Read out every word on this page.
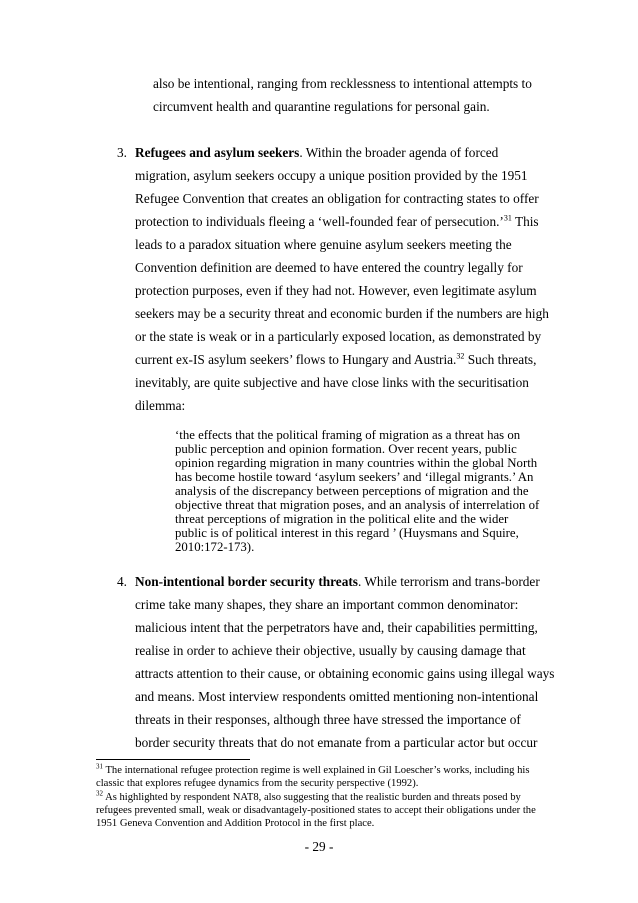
also be intentional, ranging from recklessness to intentional attempts to
circumvent health and quarantine regulations for personal gain.
3. Refugees and asylum seekers. Within the broader agenda of forced
migration, asylum seekers occupy a unique position provided by the 1951
Refugee Convention that creates an obligation for contracting states to offer
protection to individuals fleeing a ‘well-founded fear of persecution.’$^{31}$ This
leads to a paradox situation where genuine asylum seekers meeting the
Convention definition are deemed to have entered the country legally for
protection purposes, even if they had not. However, even legitimate asylum
seekers may be a security threat and economic burden if the numbers are high
or the state is weak or in a particularly exposed location, as demonstrated by
current ex-IS asylum seekers’ flows to Hungary and Austria.$^{32}$ Such threats,
inevitably, are quite subjective and have close links with the securitisation
dilemma:
‘the effects that the political framing of migration as a threat has on
public perception and opinion formation. Over recent years, public
opinion regarding migration in many countries within the global North
has become hostile toward ‘asylum seekers’ and ‘illegal migrants.’ An
analysis of the discrepancy between perceptions of migration and the
objective threat that migration poses, and an analysis of interrelation of
threat perceptions of migration in the political elite and the wider
public is of political interest in this regard ’ (Huysmans and Squire,
2010:172-173).
4. Non-intentional border security threats. While terrorism and trans-border
crime take many shapes, they share an important common denominator:
malicious intent that the perpetrators have and, their capabilities permitting,
realise in order to achieve their objective, usually by causing damage that
attracts attention to their cause, or obtaining economic gains using illegal ways
and means. Most interview respondents omitted mentioning non-intentional
threats in their responses, although three have stressed the importance of
border security threats that do not emanate from a particular actor but occur
$^{31}$ The international refugee protection regime is well explained in Gil Loescher’s works, including his
classic that explores refugee dynamics from the security perspective (1992).
$^{32}$ As highlighted by respondent NAT8, also suggesting that the realistic burden and threats posed by
refugees prevented small, weak or disadvantagely-positioned states to accept their obligations under the
1951 Geneva Convention and Addition Protocol in the first place.
- 29 -
